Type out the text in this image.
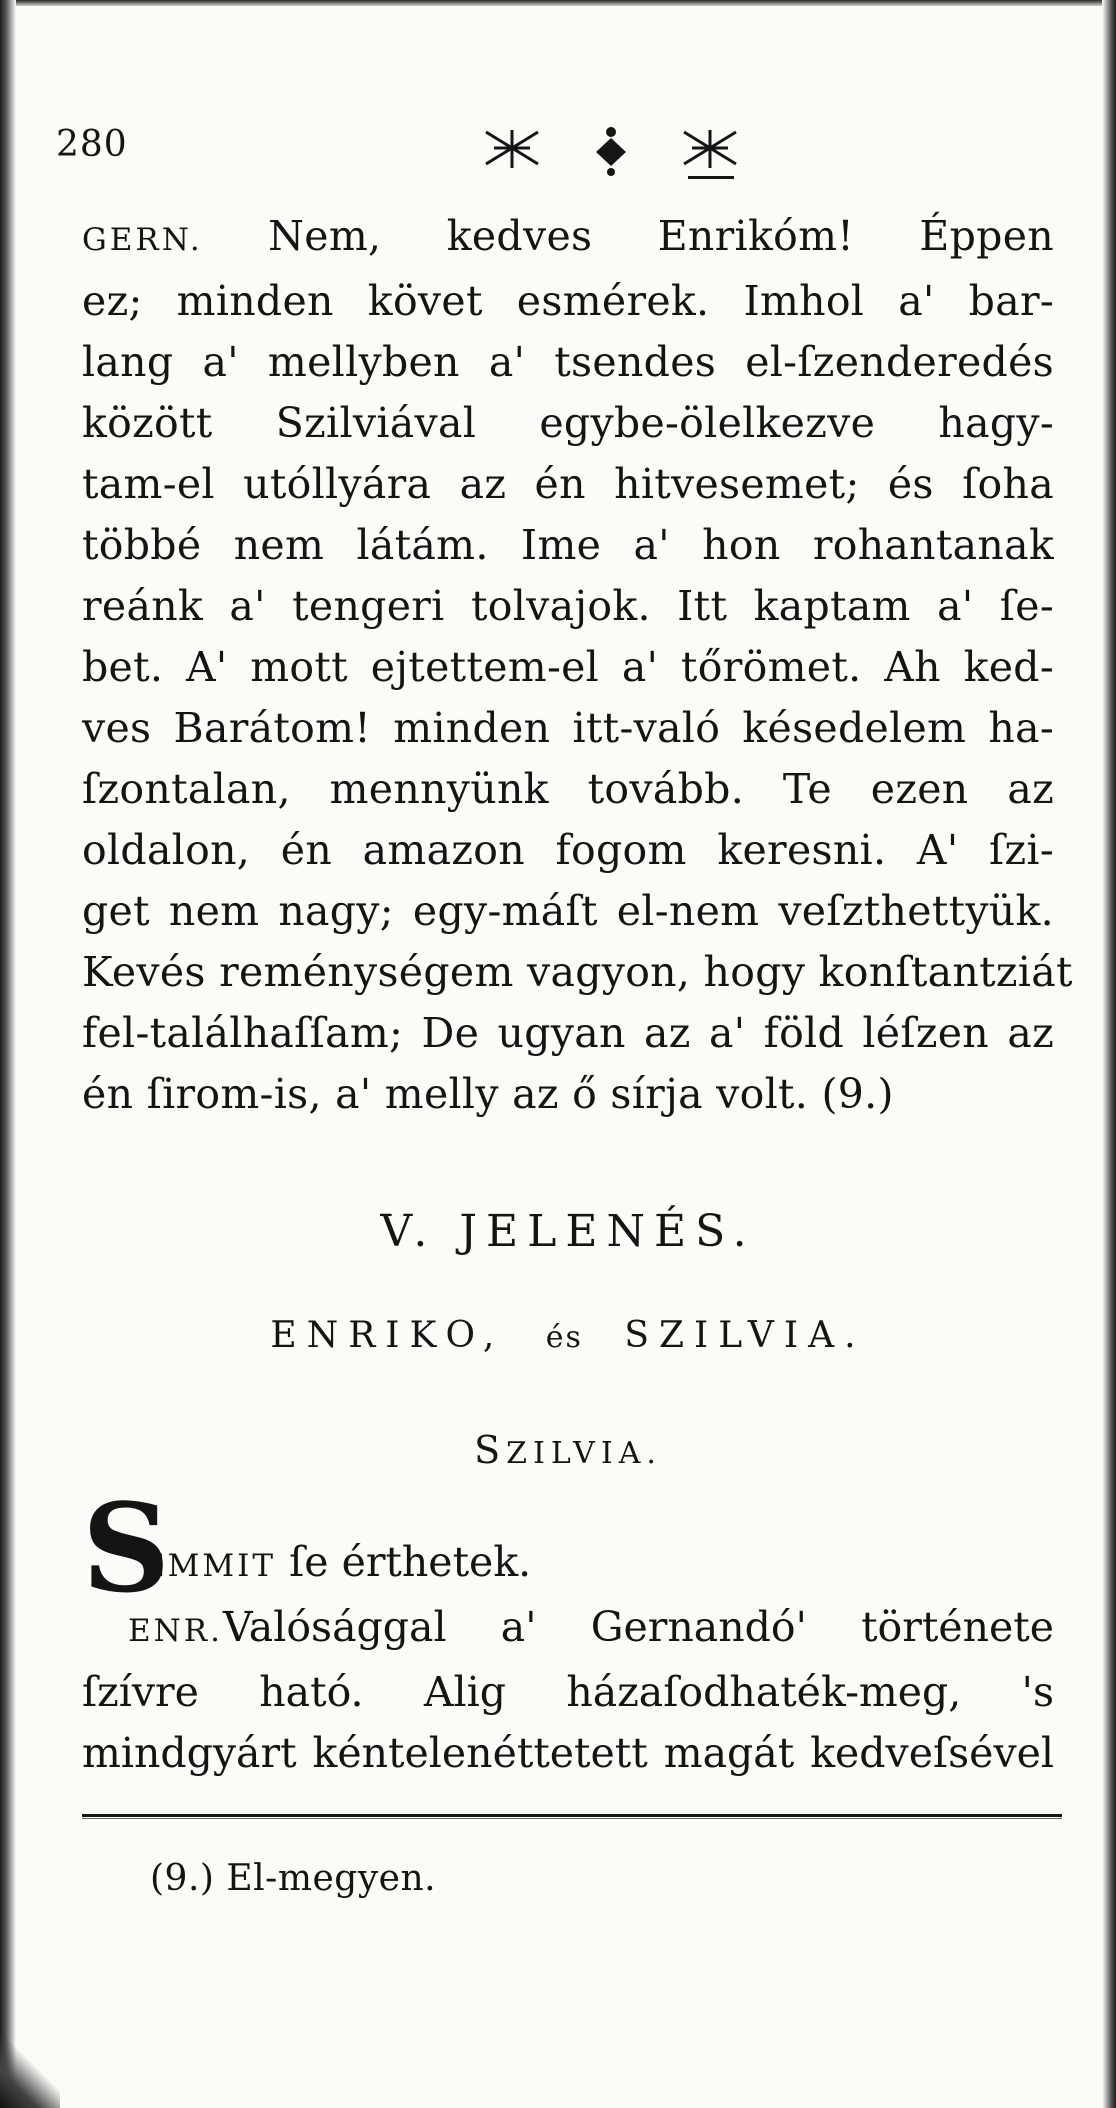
280
GERN. Nem, kedves Enrikóm! Éppen
ez; minden követ esmérek. Imhol a' bar-
lang a' mellyben a' tsendes el-ſzenderedés
között Szilviával egybe-ölelkezve hagy-
tam-el utóllyára az én hitvesemet; és ſoha
többé nem látám. Ime a' hon rohantanak
reánk a' tengeri tolvajok. Itt kaptam a' ſe-
bet. A' mott ejtettem-el a' tőrömet. Ah ked-
ves Barátom! minden itt-való késedelem ha-
ſzontalan, mennyünk tovább. Te ezen az
oldalon, én amazon fogom keresni. A' ſzi-
get nem nagy; egy-máſt el-nem veſzthettyük.
Kevés reménységem vagyon, hogy konſtantziát
fel-találhaſſam; De ugyan az a' föld léſzen az
én ſirom-is, a' melly az ő sírja volt. (9.)
V. JELENÉS.
ENRIKO, és SZILVIA.
SZILVIA.
S
EMMIT ſe érthetek.
ENR.Valósággal a' Gernandó' története
ſzívre ható. Alig házaſodhaték-meg, 's
mindgyárt kéntelenéttetett magát kedveſsével
(9.) El-megyen.
